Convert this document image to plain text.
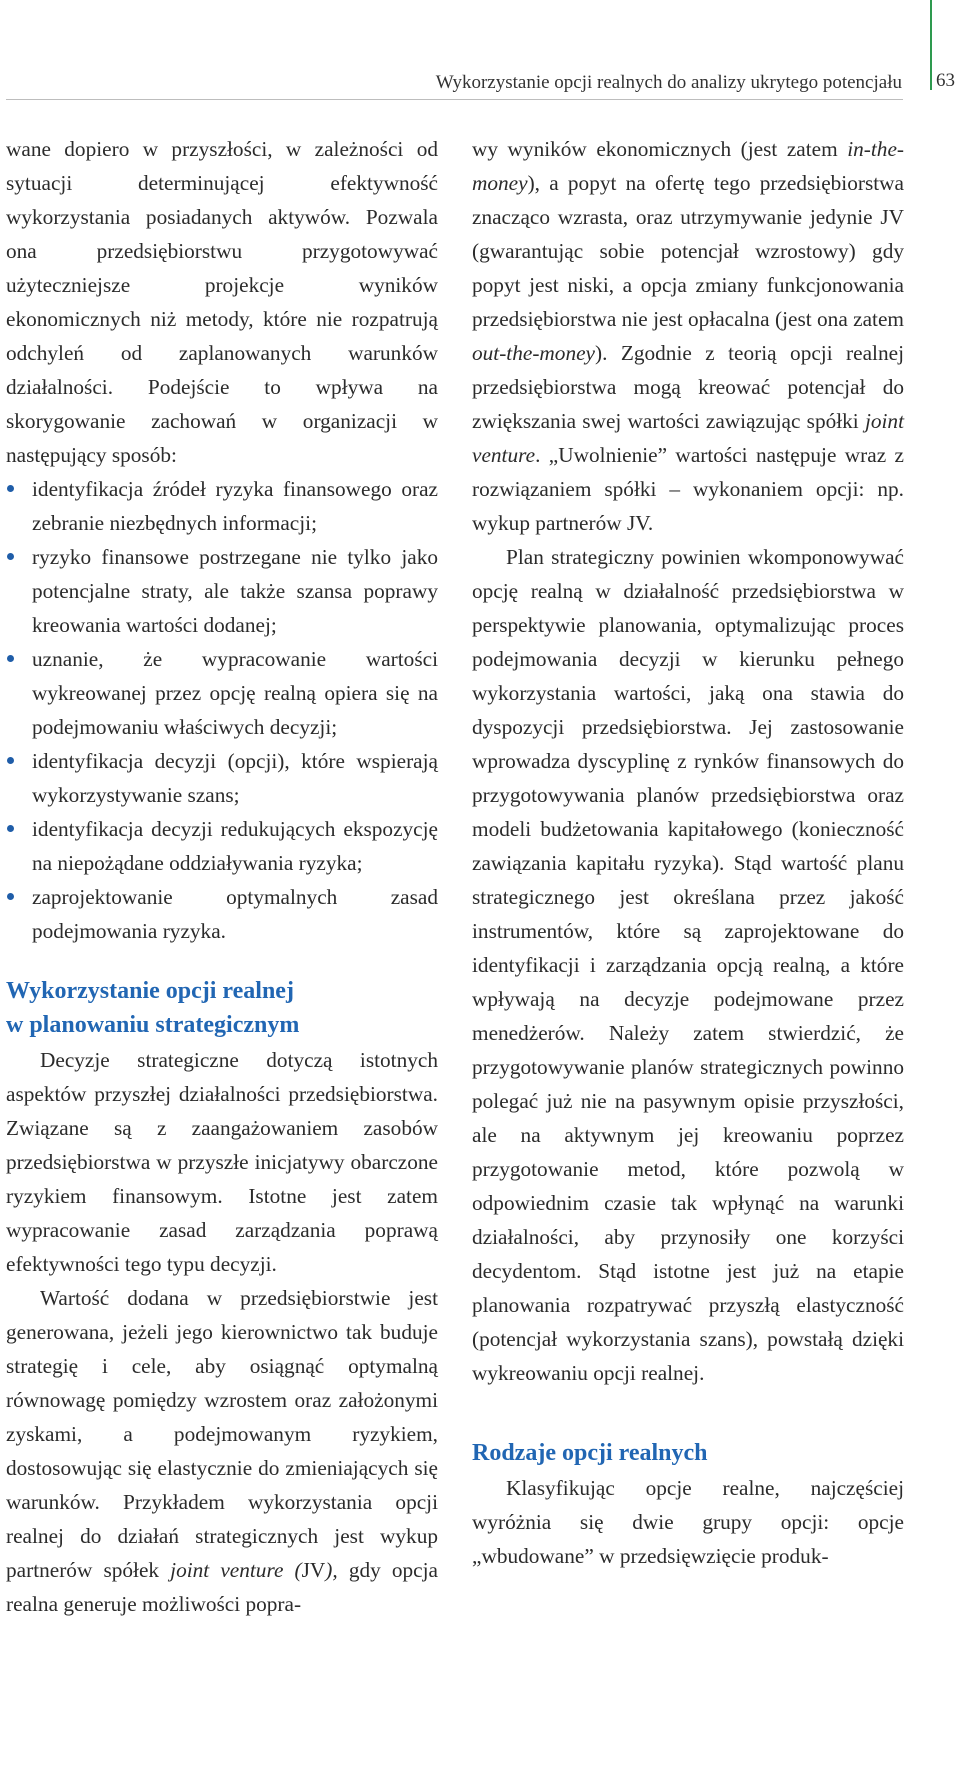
Wykorzystanie opcji realnych do analizy ukrytego potencjału 63

wane dopiero w przyszłości, w zależności od sytuacji determinującej efektywność wykorzystania posiadanych aktywów. Pozwala ona przedsiębiorstwu przygotowywać użyteczniejsze projekcje wyników ekonomicznych niż metody, które nie rozpatrują odchyleń od zaplanowanych warunków działalności. Podejście to wpływa na skorygowanie zachowań w organizacji w następujący sposób:

identyfikacja źródeł ryzyka finansowego oraz zebranie niezbędnych informacji;
ryzyko finansowe postrzegane nie tylko jako potencjalne straty, ale także szansa poprawy kreowania wartości dodanej;
uznanie, że wypracowanie wartości wykreowanej przez opcję realną opiera się na podejmowaniu właściwych decyzji;
identyfikacja decyzji (opcji), które wspierają wykorzystywanie szans;
identyfikacja decyzji redukujących ekspozycję na niepożądane oddziaływania ryzyka;
zaprojektowanie optymalnych zasad podejmowania ryzyka.
Wykorzystanie opcji realnej
w planowaniu strategicznym

Decyzje strategiczne dotyczą istotnych aspektów przyszłej działalności przedsiębiorstwa. Związane są z zaangażowaniem zasobów przedsiębiorstwa w przyszłe inicjatywy obarczone ryzykiem finansowym. Istotne jest zatem wypracowanie zasad zarządzania poprawą efektywności tego typu decyzji.

Wartość dodana w przedsiębiorstwie jest generowana, jeżeli jego kierownictwo tak buduje strategię i cele, aby osiągnąć optymalną równowagę pomiędzy wzrostem oraz założonymi zyskami, a podejmowanym ryzykiem, dostosowując się elastycznie do zmieniających się warunków. Przykładem wykorzystania opcji realnej do działań strategicznych jest wykup partnerów spółek joint venture (JV), gdy opcja realna generuje możliwości popra-

wy wyników ekonomicznych (jest zatem in-the-money), a popyt na ofertę tego przedsiębiorstwa znacząco wzrasta, oraz utrzymywanie jedynie JV (gwarantując sobie potencjał wzrostowy) gdy popyt jest niski, a opcja zmiany funkcjonowania przedsiębiorstwa nie jest opłacalna (jest ona zatem out-the-money). Zgodnie z teorią opcji realnej przedsiębiorstwa mogą kreować potencjał do zwiększania swej wartości zawiązując spółki joint venture. „Uwolnienie” wartości następuje wraz z rozwiązaniem spółki – wykonaniem opcji: np. wykup partnerów JV.

Plan strategiczny powinien wkomponowywać opcję realną w działalność przedsiębiorstwa w perspektywie planowania, optymalizując proces podejmowania decyzji w kierunku pełnego wykorzystania wartości, jaką ona stawia do dyspozycji przedsiębiorstwa. Jej zastosowanie wprowadza dyscyplinę z rynków finansowych do przygotowywania planów przedsiębiorstwa oraz modeli budżetowania kapitałowego (konieczność zawiązania kapitału ryzyka). Stąd wartość planu strategicznego jest określana przez jakość instrumentów, które są zaprojektowane do identyfikacji i zarządzania opcją realną, a które wpływają na decyzje podejmowane przez menedżerów. Należy zatem stwierdzić, że przygotowywanie planów strategicznych powinno polegać już nie na pasywnym opisie przyszłości, ale na aktywnym jej kreowaniu poprzez przygotowanie metod, które pozwolą w odpowiednim czasie tak wpłynąć na warunki działalności, aby przynosiły one korzyści decydentom. Stąd istotne jest już na etapie planowania rozpatrywać przyszłą elastyczność (potencjał wykorzystania szans), powstałą dzięki wykreowaniu opcji realnej.

Rodzaje opcji realnych

Klasyfikując opcje realne, najczęściej wyróżnia się dwie grupy opcji: opcje „wbudowane” w przedsięwzięcie produk-
